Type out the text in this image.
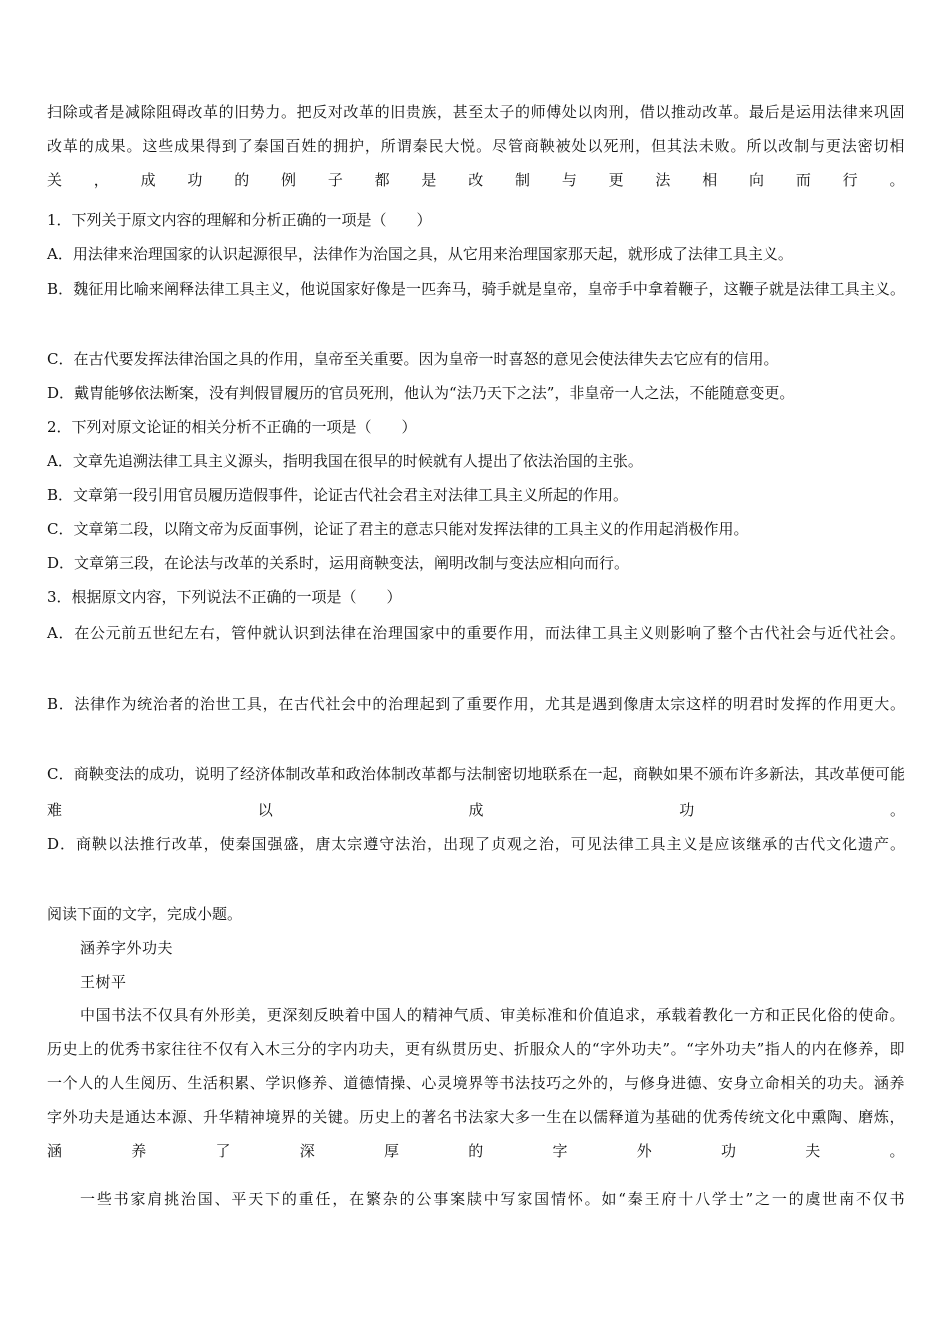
扫除或者是减除阻碍改革的旧势力。把反对改革的旧贵族，甚至太子的师傅处以肉刑，借以推动改革。最后是运用法律来巩固改革的成果。这些成果得到了秦国百姓的拥护，所谓秦民大悦。尽管商鞅被处以死刑，但其法未败。所以改制与更法密切相关，成功的例子都是改制与更法相向而行。
1．下列关于原文内容的理解和分析正确的一项是（　　）
A．用法律来治理国家的认识起源很早，法律作为治国之具，从它用来治理国家那天起，就形成了法律工具主义。
B．魏征用比喻来阐释法律工具主义，他说国家好像是一匹奔马，骑手就是皇帝，皇帝手中拿着鞭子，这鞭子就是法律工具主义。
C．在古代要发挥法律治国之具的作用，皇帝至关重要。因为皇帝一时喜怒的意见会使法律失去它应有的信用。
D．戴胄能够依法断案，没有判假冒履历的官员死刑，他认为“法乃天下之法”，非皇帝一人之法，不能随意变更。
2．下列对原文论证的相关分析不正确的一项是（　　）
A．文章先追溯法律工具主义源头，指明我国在很早的时候就有人提出了依法治国的主张。
B．文章第一段引用官员履历造假事件，论证古代社会君主对法律工具主义所起的作用。
C．文章第二段，以隋文帝为反面事例，论证了君主的意志只能对发挥法律的工具主义的作用起消极作用。
D．文章第三段，在论法与改革的关系时，运用商鞅变法，阐明改制与变法应相向而行。
3．根据原文内容，下列说法不正确的一项是（　　）
A．在公元前五世纪左右，管仲就认识到法律在治理国家中的重要作用，而法律工具主义则影响了整个古代社会与近代社会。
B．法律作为统治者的治世工具，在古代社会中的治理起到了重要作用，尤其是遇到像唐太宗这样的明君时发挥的作用更大。
C．商鞅变法的成功，说明了经济体制改革和政治体制改革都与法制密切地联系在一起，商鞅如果不颁布许多新法，其改革便可能难以成功。
D．商鞅以法推行改革，使秦国强盛，唐太宗遵守法治，出现了贞观之治，可见法律工具主义是应该继承的古代文化遗产。
阅读下面的文字，完成小题。
涵养字外功夫
王树平
中国书法不仅具有外形美，更深刻反映着中国人的精神气质、审美标准和价值追求，承载着教化一方和正民化俗的使命。历史上的优秀书家往往不仅有入木三分的字内功夫，更有纵贯历史、折服众人的“字外功夫”。“字外功夫”指人的内在修养，即一个人的人生阅历、生活积累、学识修养、道德情操、心灵境界等书法技巧之外的，与修身进德、安身立命相关的功夫。涵养字外功夫是通达本源、升华精神境界的关键。历史上的著名书法家大多一生在以儒释道为基础的优秀传统文化中熏陶、磨炼，涵养了深厚的字外功夫。
一些书家肩挑治国、平天下的重任，在繁杂的公事案牍中写家国情怀。如“秦王府十八学士”之一的虞世南不仅书
